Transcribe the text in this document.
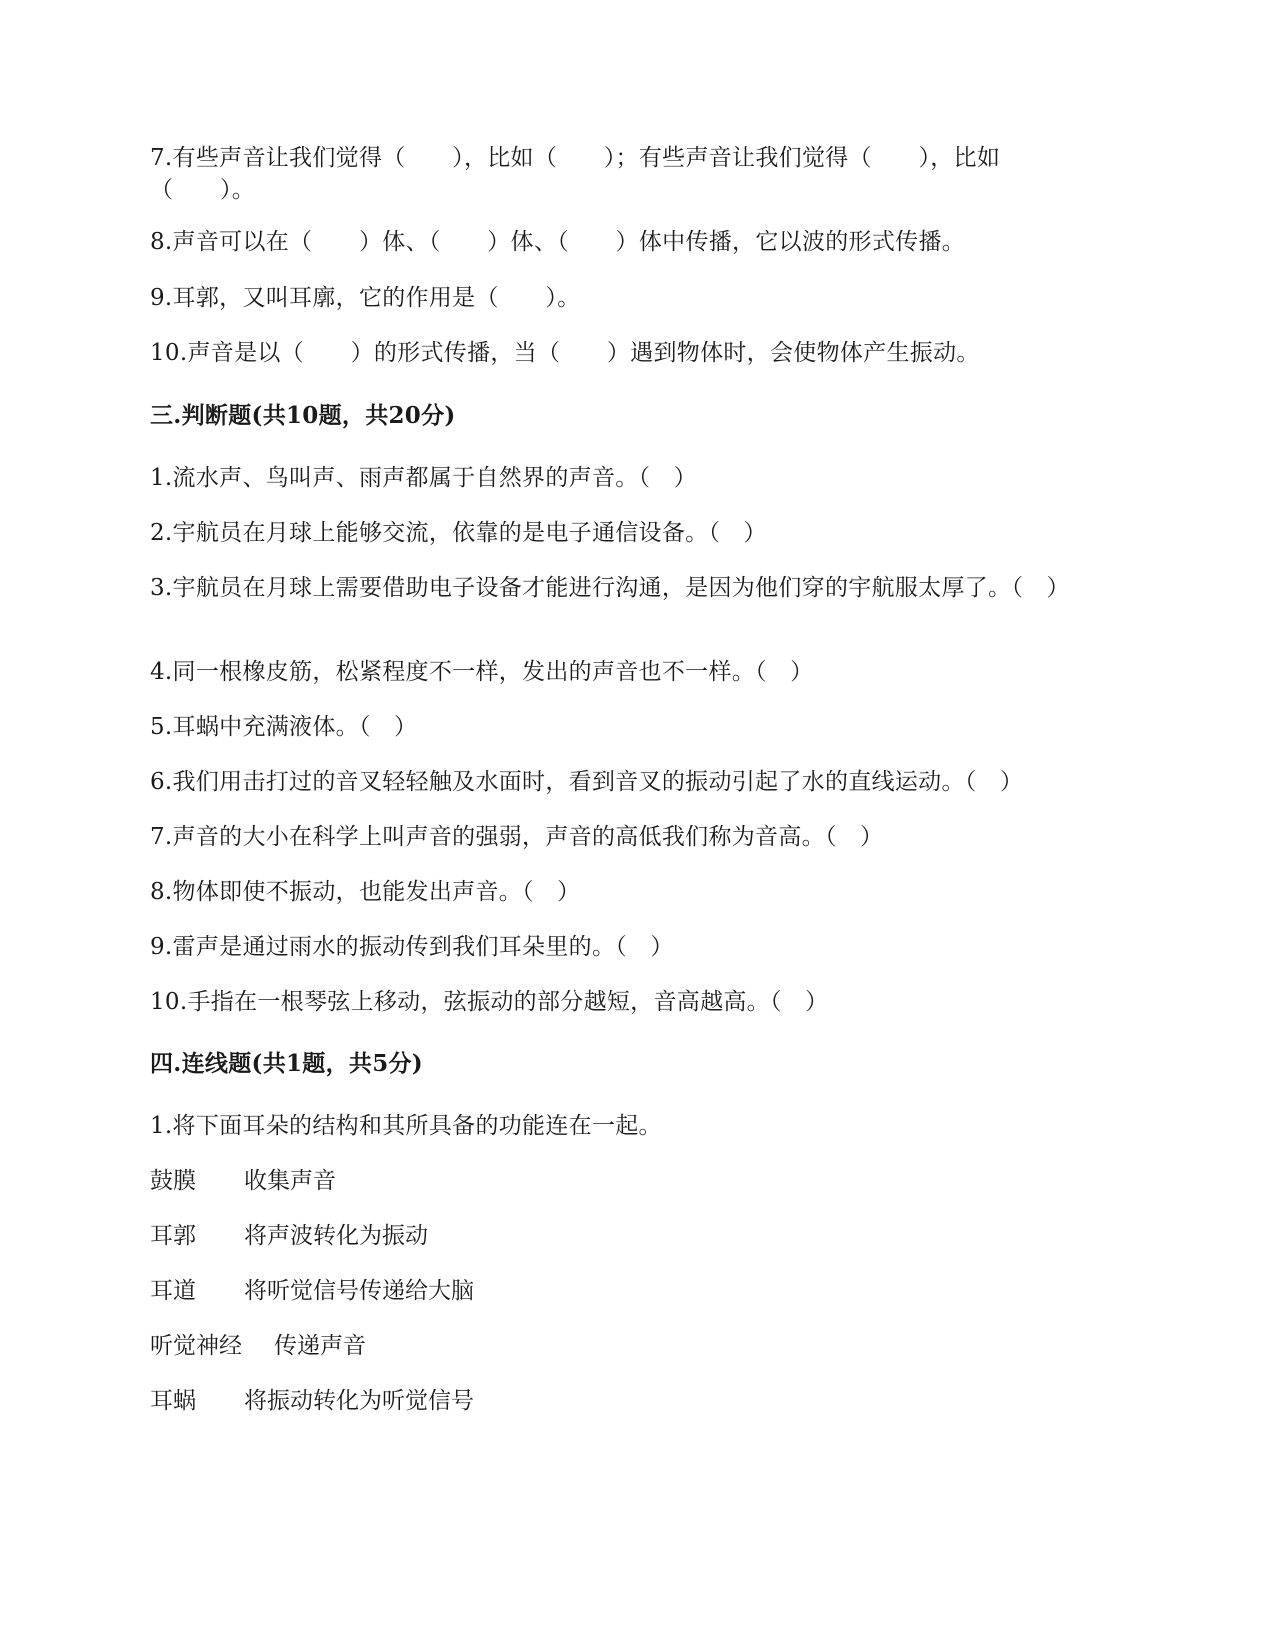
7.有些声音让我们觉得（　　），比如（　　）；有些声音让我们觉得（　　），比如（　　）。
8.声音可以在（　　）体、（　　）体、（　　）体中传播，它以波的形式传播。
9.耳郭，又叫耳廓，它的作用是（　　）。
10.声音是以（　　）的形式传播，当（　　）遇到物体时，会使物体产生振动。
三.判断题(共10题，共20分)
1.流水声、鸟叫声、雨声都属于自然界的声音。（　）
2.宇航员在月球上能够交流，依靠的是电子通信设备。（　）
3.宇航员在月球上需要借助电子设备才能进行沟通，是因为他们穿的宇航服太厚了。（　）
4.同一根橡皮筋，松紧程度不一样，发出的声音也不一样。（　）
5.耳蜗中充满液体。（　）
6.我们用击打过的音叉轻轻触及水面时，看到音叉的振动引起了水的直线运动。（　）
7.声音的大小在科学上叫声音的强弱，声音的高低我们称为音高。（　）
8.物体即使不振动，也能发出声音。（　）
9.雷声是通过雨水的振动传到我们耳朵里的。（　）
10.手指在一根琴弦上移动，弦振动的部分越短，音高越高。（　）
四.连线题(共1题，共5分)
1.将下面耳朵的结构和其所具备的功能连在一起。
鼓膜 收集声音
耳郭 将声波转化为振动
耳道 将听觉信号传递给大脑
听觉神经 传递声音
耳蜗 将振动转化为听觉信号
